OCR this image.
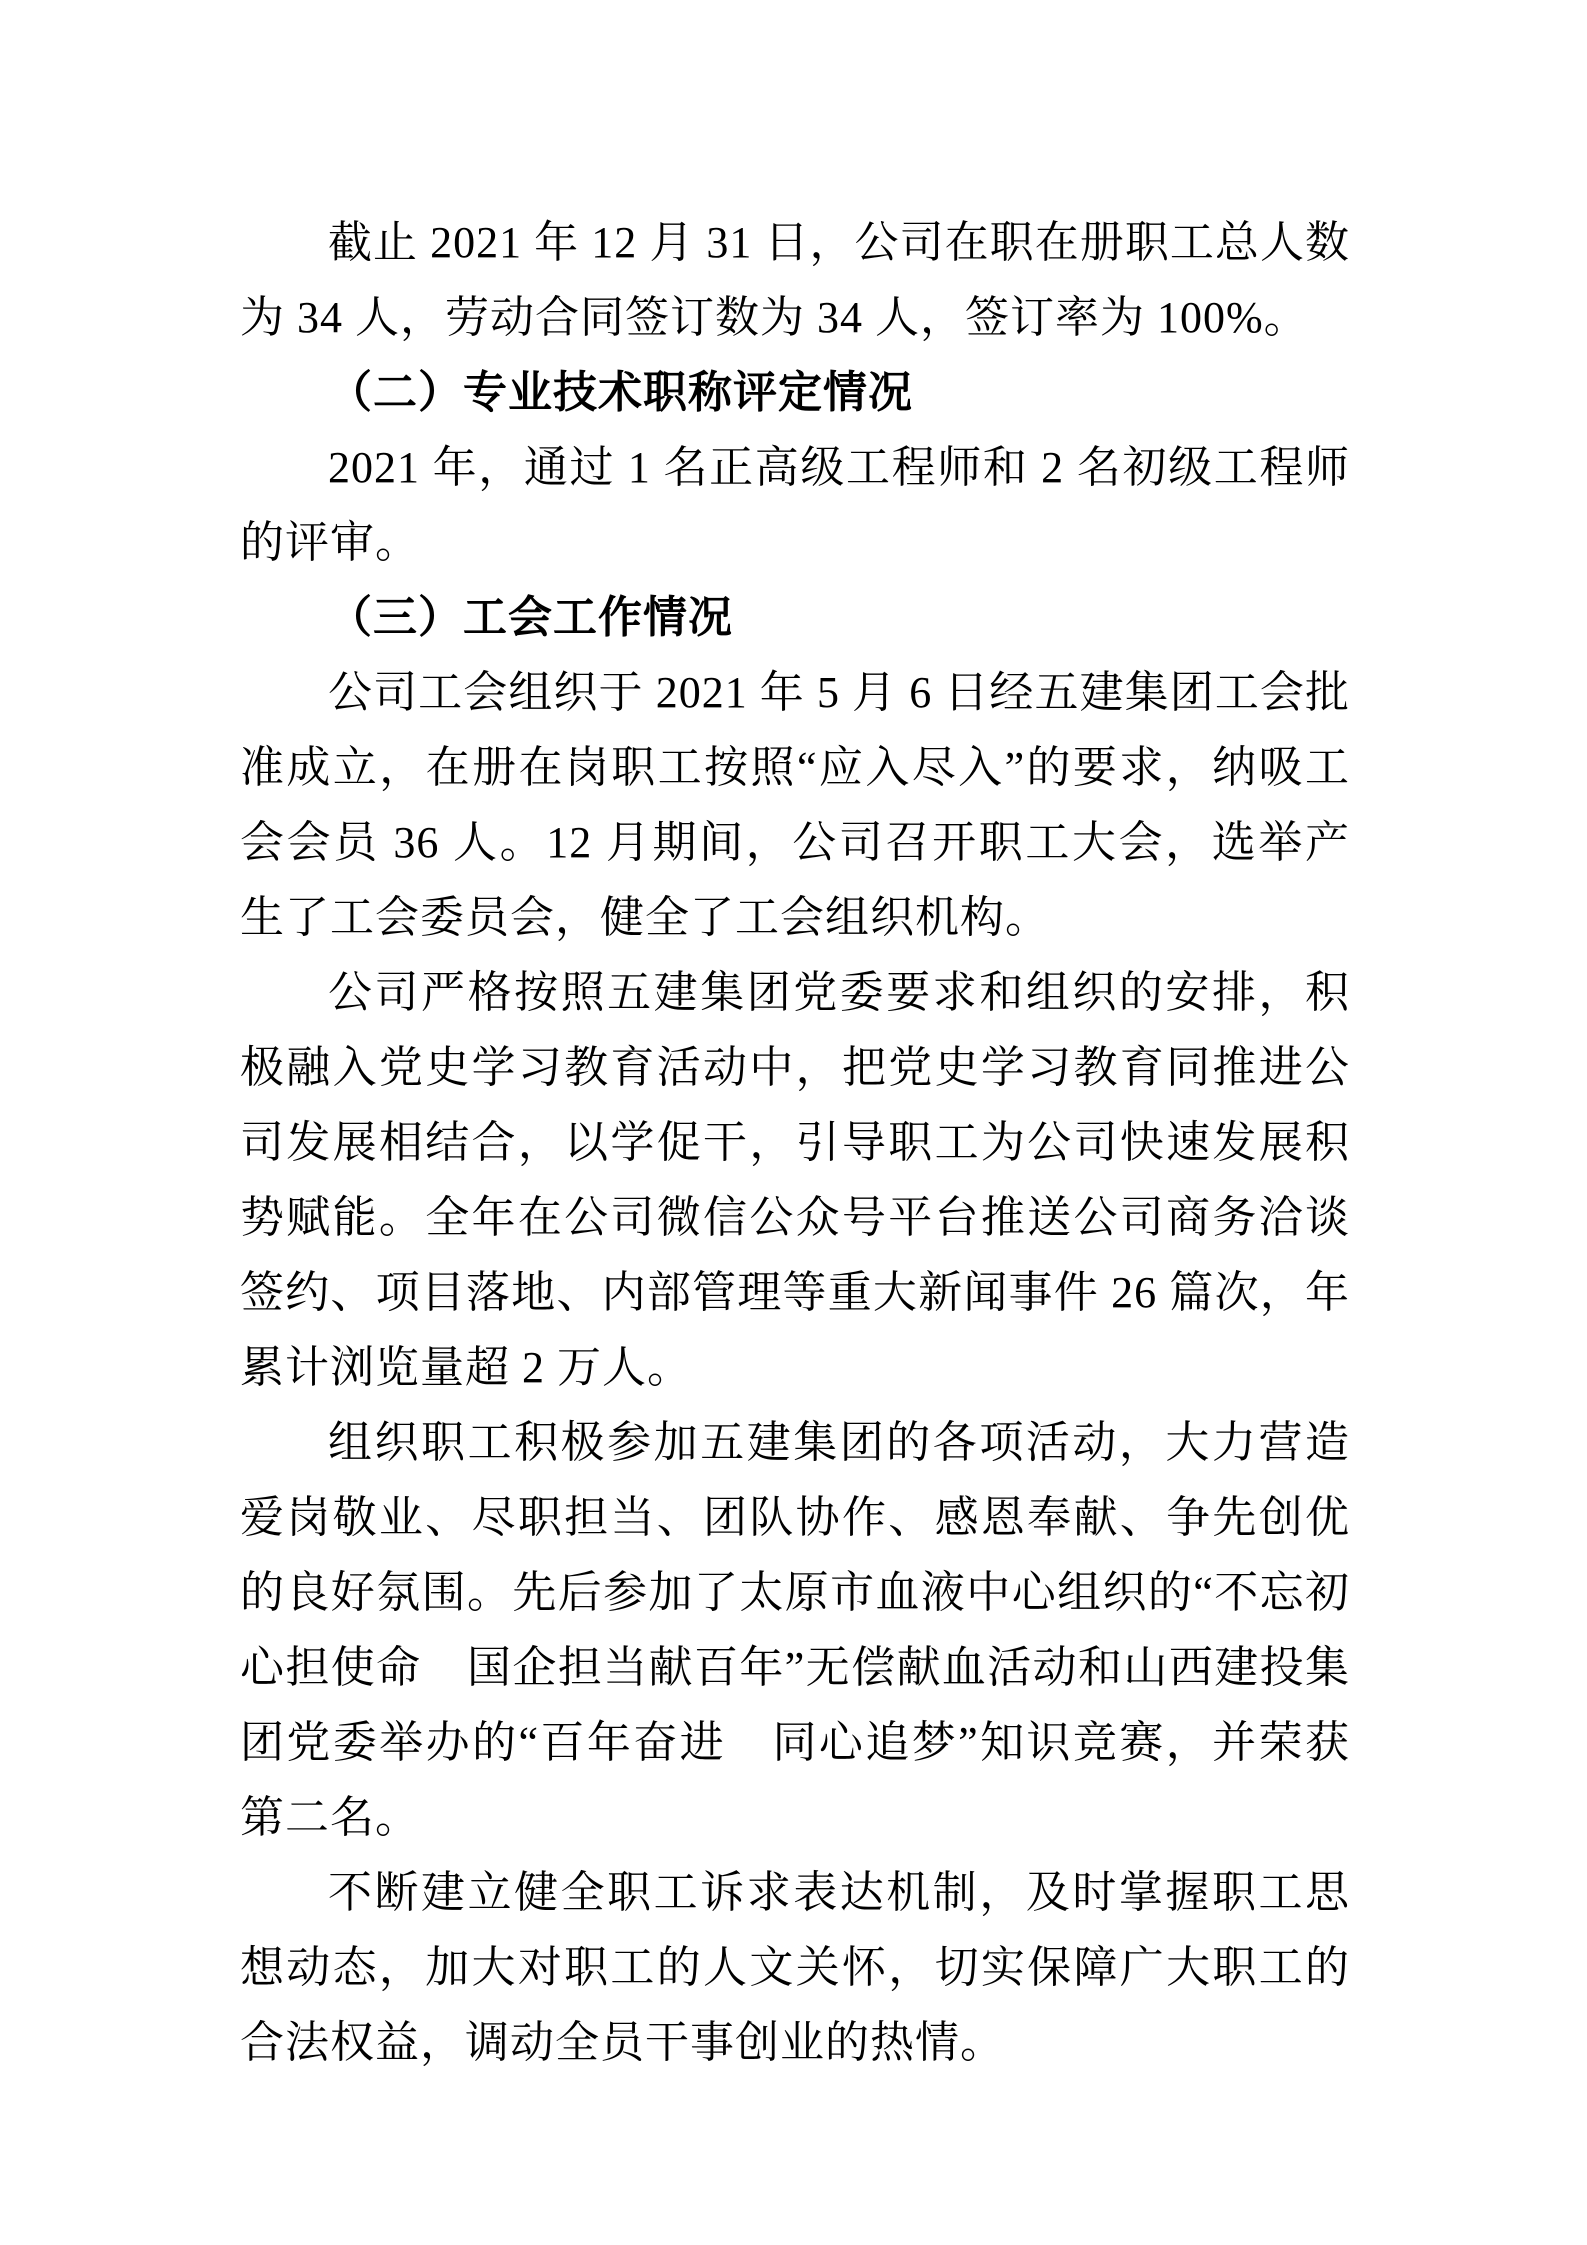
截止 2021 年 12 月 31 日，公司在职在册职工总人数为 34 人，劳动合同签订数为 34 人，签订率为 100%。

（二）专业技术职称评定情况

2021 年，通过 1 名正高级工程师和 2 名初级工程师的评审。

（三）工会工作情况

公司工会组织于 2021 年 5 月 6 日经五建集团工会批准成立，在册在岗职工按照“应入尽入”的要求，纳吸工会会员 36 人。12 月期间，公司召开职工大会，选举产生了工会委员会，健全了工会组织机构。

公司严格按照五建集团党委要求和组织的安排，积极融入党史学习教育活动中，把党史学习教育同推进公司发展相结合，以学促干，引导职工为公司快速发展积势赋能。全年在公司微信公众号平台推送公司商务洽谈签约、项目落地、内部管理等重大新闻事件 26 篇次，年累计浏览量超 2 万人。

组织职工积极参加五建集团的各项活动，大力营造爱岗敬业、尽职担当、团队协作、感恩奉献、争先创优的良好氛围。先后参加了太原市血液中心组织的“不忘初心担使命　国企担当献百年”无偿献血活动和山西建投集团党委举办的“百年奋进　同心追梦”知识竞赛，并荣获第二名。

不断建立健全职工诉求表达机制，及时掌握职工思想动态，加大对职工的人文关怀，切实保障广大职工的合法权益，调动全员干事创业的热情。
